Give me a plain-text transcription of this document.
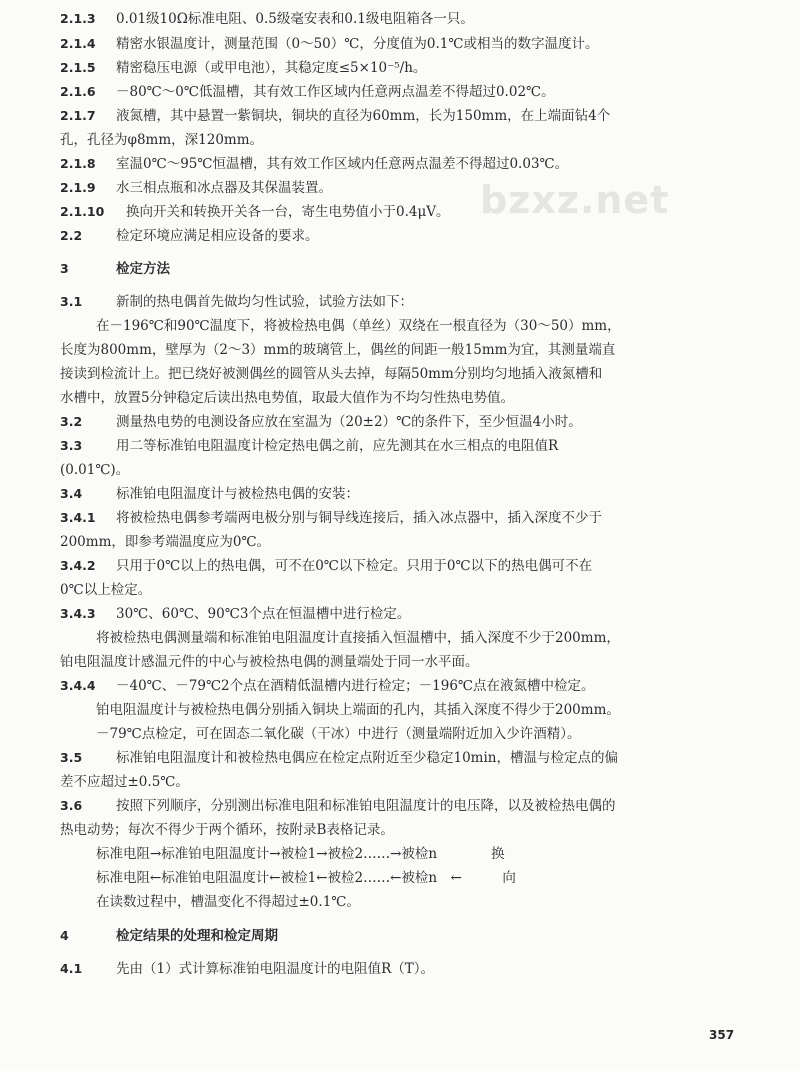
bzxz.net
2.1.3 0.01级10Ω标准电阻、0.5级毫安表和0.1级电阻箱各一只。
2.1.4 精密水银温度计，测量范围（0～50）℃，分度值为0.1℃或相当的数字温度计。
2.1.5 精密稳压电源（或甲电池），其稳定度≤5×10⁻⁵/h。
2.1.6 －80℃～0℃低温槽，其有效工作区域内任意两点温差不得超过0.02℃。
2.1.7 液氮槽，其中悬置一紫铜块，铜块的直径为60mm，长为150mm，在上端面钻4个
孔，孔径为φ8mm，深120mm。
2.1.8 室温0℃～95℃恒温槽，其有效工作区域内任意两点温差不得超过0.03℃。
2.1.9 水三相点瓶和冰点器及其保温装置。
2.1.10 换向开关和转换开关各一台，寄生电势值小于0.4μV。
2.2	检定环境应满足相应设备的要求。
3	检定方法
3.1	新制的热电偶首先做均匀性试验，试验方法如下：
在－196℃和90℃温度下，将被检热电偶（单丝）双绕在一根直径为（30～50）mm，
长度为800mm，壁厚为（2～3）mm的玻璃管上，偶丝的间距一般15mm为宜，其测量端直
接读到检流计上。把已绕好被测偶丝的圆管从头去掉，每隔50mm分别均匀地插入液氮槽和
水槽中，放置5分钟稳定后读出热电势值，取最大值作为不均匀性热电势值。
3.2	测量热电势的电测设备应放在室温为（20±2）℃的条件下，至少恒温4小时。
3.3	用二等标准铂电阻温度计检定热电偶之前，应先测其在水三相点的电阻值R
(0.01℃)。
3.4	标准铂电阻温度计与被检热电偶的安装：
3.4.1 将被检热电偶参考端两电极分别与铜导线连接后，插入冰点器中，插入深度不少于
200mm，即参考端温度应为0℃。
3.4.2 只用于0℃以上的热电偶，可不在0℃以下检定。只用于0℃以下的热电偶可不在
0℃以上检定。
3.4.3 30℃、60℃、90℃3个点在恒温槽中进行检定。
将被检热电偶测量端和标准铂电阻温度计直接插入恒温槽中，插入深度不少于200mm，
铂电阻温度计感温元件的中心与被检热电偶的测量端处于同一水平面。
3.4.4 －40℃、－79℃2个点在酒精低温槽内进行检定；－196℃点在液氮槽中检定。
铂电阻温度计与被检热电偶分别插入铜块上端面的孔内，其插入深度不得少于200mm。
－79℃点检定，可在固态二氧化碳（干冰）中进行（测量端附近加入少许酒精）。
3.5	标准铂电阻温度计和被检热电偶应在检定点附近至少稳定10min，槽温与检定点的偏
差不应超过±0.5℃。
3.6	按照下列顺序，分别测出标准电阻和标准铂电阻温度计的电压降，以及被检热电偶的
热电动势；每次不得少于两个循环，按附录B表格记录。
标准电阻→标准铂电阻温度计→被检1→被检2……→被检n　　　　换
标准电阻←标准铂电阻温度计←被检1←被检2……←被检n　←　　　向
在读数过程中，槽温变化不得超过±0.1℃。
4	检定结果的处理和检定周期
4.1	先由（1）式计算标准铂电阻温度计的电阻值R（T）。
357
